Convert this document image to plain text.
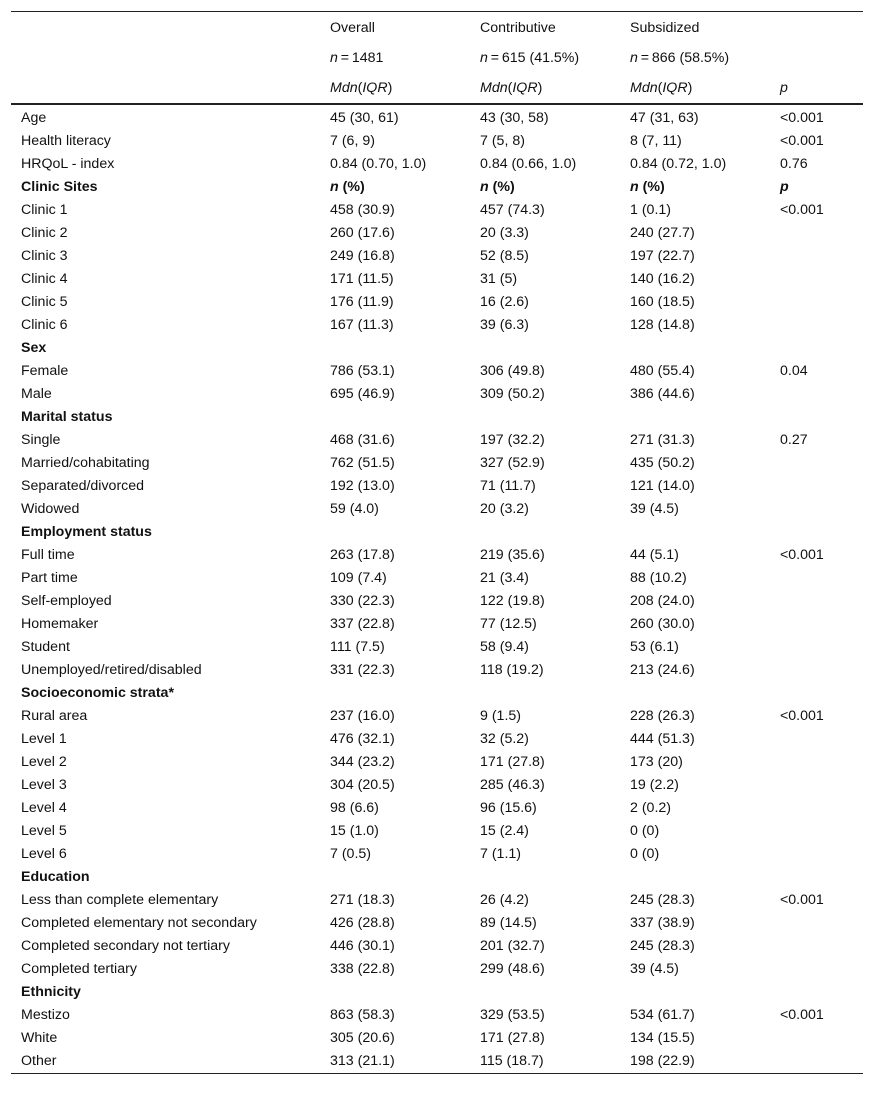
	Overall	Contributive	Subsidized	
	n = 1481	n = 615 (41.5%)	n = 866 (58.5%)	
	Mdn(IQR)	Mdn(IQR)	Mdn(IQR)	p
Age	45 (30, 61)	43 (30, 58)	47 (31, 63)	<0.001
Health literacy	7 (6, 9)	7 (5, 8)	8 (7, 11)	<0.001
HRQoL - index	0.84 (0.70, 1.0)	0.84 (0.66, 1.0)	0.84 (0.72, 1.0)	0.76
Clinic Sites	n (%)	n (%)	n (%)	p
Clinic 1	458 (30.9)	457 (74.3)	1 (0.1)	<0.001
Clinic 2	260 (17.6)	20 (3.3)	240 (27.7)	
Clinic 3	249 (16.8)	52 (8.5)	197 (22.7)	
Clinic 4	171 (11.5)	31 (5)	140 (16.2)	
Clinic 5	176 (11.9)	16 (2.6)	160 (18.5)	
Clinic 6	167 (11.3)	39 (6.3)	128 (14.8)	
Sex				
Female	786 (53.1)	306 (49.8)	480 (55.4)	0.04
Male	695 (46.9)	309 (50.2)	386 (44.6)	
Marital status				
Single	468 (31.6)	197 (32.2)	271 (31.3)	0.27
Married/cohabitating	762 (51.5)	327 (52.9)	435 (50.2)	
Separated/divorced	192 (13.0)	71 (11.7)	121 (14.0)	
Widowed	59 (4.0)	20 (3.2)	39 (4.5)	
Employment status				
Full time	263 (17.8)	219 (35.6)	44 (5.1)	<0.001
Part time	109 (7.4)	21 (3.4)	88 (10.2)	
Self-employed	330 (22.3)	122 (19.8)	208 (24.0)	
Homemaker	337 (22.8)	77 (12.5)	260 (30.0)	
Student	111 (7.5)	58 (9.4)	53 (6.1)	
Unemployed/retired/disabled	331 (22.3)	118 (19.2)	213 (24.6)	
Socioeconomic strata*				
Rural area	237 (16.0)	9 (1.5)	228 (26.3)	<0.001
Level 1	476 (32.1)	32 (5.2)	444 (51.3)	
Level 2	344 (23.2)	171 (27.8)	173 (20)	
Level 3	304 (20.5)	285 (46.3)	19 (2.2)	
Level 4	98 (6.6)	96 (15.6)	2 (0.2)	
Level 5	15 (1.0)	15 (2.4)	0 (0)	
Level 6	7 (0.5)	7 (1.1)	0 (0)	
Education				
Less than complete elementary	271 (18.3)	26 (4.2)	245 (28.3)	<0.001
Completed elementary not secondary	426 (28.8)	89 (14.5)	337 (38.9)	
Completed secondary not tertiary	446 (30.1)	201 (32.7)	245 (28.3)	
Completed tertiary	338 (22.8)	299 (48.6)	39 (4.5)	
Ethnicity				
Mestizo	863 (58.3)	329 (53.5)	534 (61.7)	<0.001
White	305 (20.6)	171 (27.8)	134 (15.5)	
Other	313 (21.1)	115 (18.7)	198 (22.9)	
